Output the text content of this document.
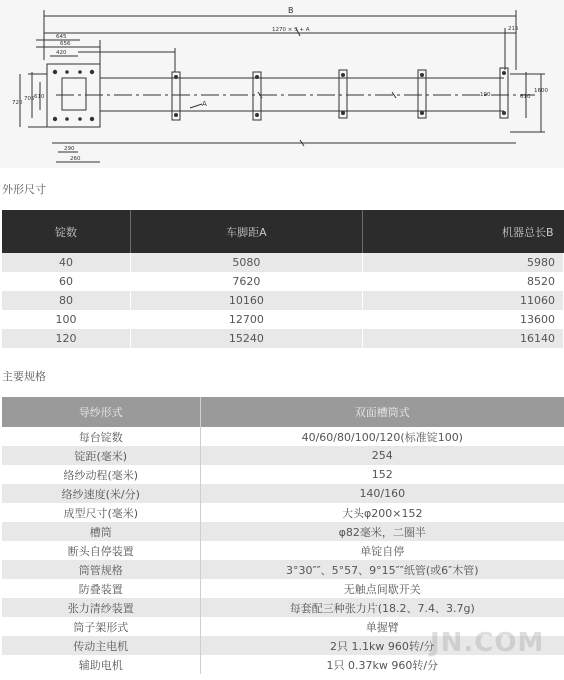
B
1270 × S + A	215
645
656
420
A
720
705 610
1600
610
290
260
190
外形尺寸
锭数	车脚距A	机器总长B
40	5080	5980
60	7620	8520
80	10160	11060
100	12700	13600
120	15240	16140
主要规格
导纱形式	双面槽筒式
每台锭数	40/60/80/100/120(标准锭100)
锭距(毫米)	254
络纱动程(毫米)	152
络纱速度(米/分)	140/160
成型尺寸(毫米)	大头φ200×152
槽筒	φ82毫米，二圈半
断头自停装置	单锭自停
筒管规格	3°30″″、5°57、9°15″″纸管(或6″木管)
防叠装置	无触点间歇开关
张力清纱装置	每套配三种张力片(18.2、7.4、3.7g)
筒子架形式	单握臂
传动主电机	2只 1.1kw 960转/分
辅助电机	1只 0.37kw 960转/分
JN.COM
